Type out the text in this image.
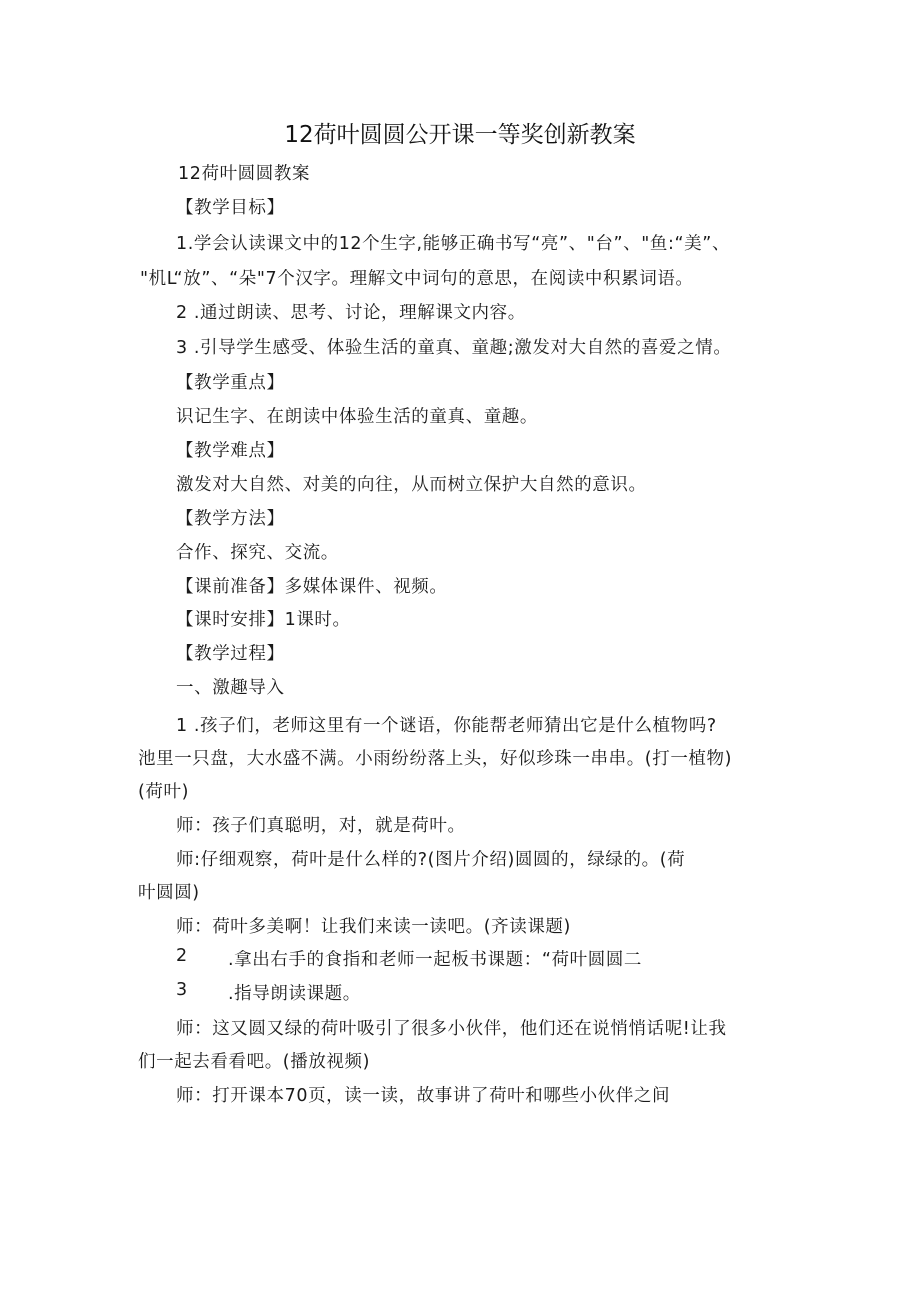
12荷叶圆圆公开课一等奖创新教案
12荷叶圆圆教案
【教学目标】
1.学会认读课文中的12个生字,能够正确书写“亮”、"台”、"鱼:“美”、
"机L“放”、“朵"7个汉字。理解文中词句的意思，在阅读中积累词语。
2 .通过朗读、思考、讨论，理解课文内容。
3 .引导学生感受、体验生活的童真、童趣;激发对大自然的喜爱之情。
【教学重点】
识记生字、在朗读中体验生活的童真、童趣。
【教学难点】
激发对大自然、对美的向往，从而树立保护大自然的意识。
【教学方法】
合作、探究、交流。
【课前准备】多媒体课件、视频。
【课时安排】1课时。
【教学过程】
一、激趣导入
1 .孩子们，老师这里有一个谜语，你能帮老师猜出它是什么植物吗?
池里一只盘，大水盛不满。小雨纷纷落上头，好似珍珠一串串。(打一植物)
(荷叶)
师：孩子们真聪明，对，就是荷叶。
师:仔细观察，荷叶是什么样的?(图片介绍)圆圆的，绿绿的。(荷
叶圆圆)
师：荷叶多美啊！让我们来读一读吧。(齐读课题)
2 .拿出右手的食指和老师一起板书课题：“荷叶圆圆二
3 .指导朗读课题。
师：这又圆又绿的荷叶吸引了很多小伙伴，他们还在说悄悄话呢!让我
们一起去看看吧。(播放视频)
师：打开课本70页，读一读，故事讲了荷叶和哪些小伙伴之间
